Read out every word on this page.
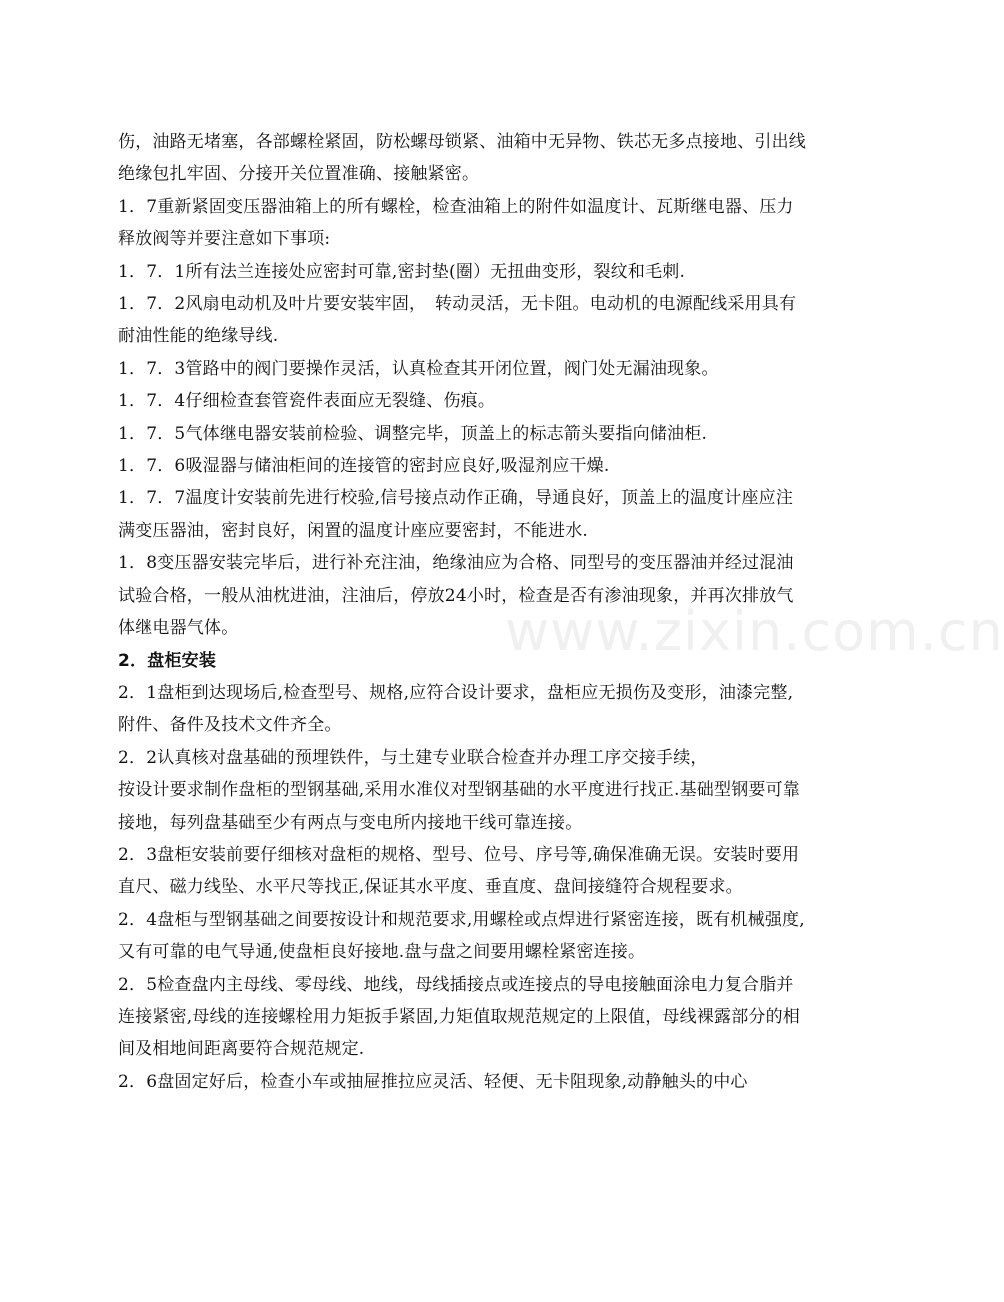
伤，油路无堵塞，各部螺栓紧固，防松螺母锁紧、油箱中无异物、铁芯无多点接地、引出线绝缘包扎牢固、分接开关位置准确、接触紧密。

1．7重新紧固变压器油箱上的所有螺栓，检查油箱上的附件如温度计、瓦斯继电器、压力释放阀等并要注意如下事项:

1．7．1所有法兰连接处应密封可靠,密封垫(圈）无扭曲变形，裂纹和毛刺.

1．7．2风扇电动机及叶片要安装牢固，　转动灵活，无卡阻。电动机的电源配线采用具有耐油性能的绝缘导线.

1．7．3管路中的阀门要操作灵活，认真检查其开闭位置，阀门处无漏油现象。

1．7．4仔细检查套管瓷件表面应无裂缝、伤痕。

1．7．5气体继电器安装前检验、调整完毕，顶盖上的标志箭头要指向储油柜.

1．7．6吸湿器与储油柜间的连接管的密封应良好,吸湿剂应干燥.

1．7．7温度计安装前先进行校验,信号接点动作正确，导通良好，顶盖上的温度计座应注满变压器油，密封良好，闲置的温度计座应要密封，不能进水.

1．8变压器安装完毕后，进行补充注油，绝缘油应为合格、同型号的变压器油并经过混油试验合格，一般从油枕进油，注油后，停放24小时，检查是否有渗油现象，并再次排放气体继电器气体。

2．盘柜安装

2．1盘柜到达现场后,检查型号、规格,应符合设计要求，盘柜应无损伤及变形，油漆完整,附件、备件及技术文件齐全。

2．2认真核对盘基础的预埋铁件，与土建专业联合检查并办理工序交接手续，

按设计要求制作盘柜的型钢基础,采用水准仪对型钢基础的水平度进行找正.基础型钢要可靠接地，每列盘基础至少有两点与变电所内接地干线可靠连接。

2．3盘柜安装前要仔细核对盘柜的规格、型号、位号、序号等,确保准确无误。安装时要用直尺、磁力线坠、水平尺等找正,保证其水平度、垂直度、盘间接缝符合规程要求。

2．4盘柜与型钢基础之间要按设计和规范要求,用螺栓或点焊进行紧密连接，既有机械强度,又有可靠的电气导通,使盘柜良好接地.盘与盘之间要用螺栓紧密连接。

2．5检查盘内主母线、零母线、地线，母线插接点或连接点的导电接触面涂电力复合脂并连接紧密,母线的连接螺栓用力矩扳手紧固,力矩值取规范规定的上限值，母线裸露部分的相间及相地间距离要符合规范规定.

2．6盘固定好后，检查小车或抽屉推拉应灵活、轻便、无卡阻现象,动静触头的中心

www.zixin.com.cn
